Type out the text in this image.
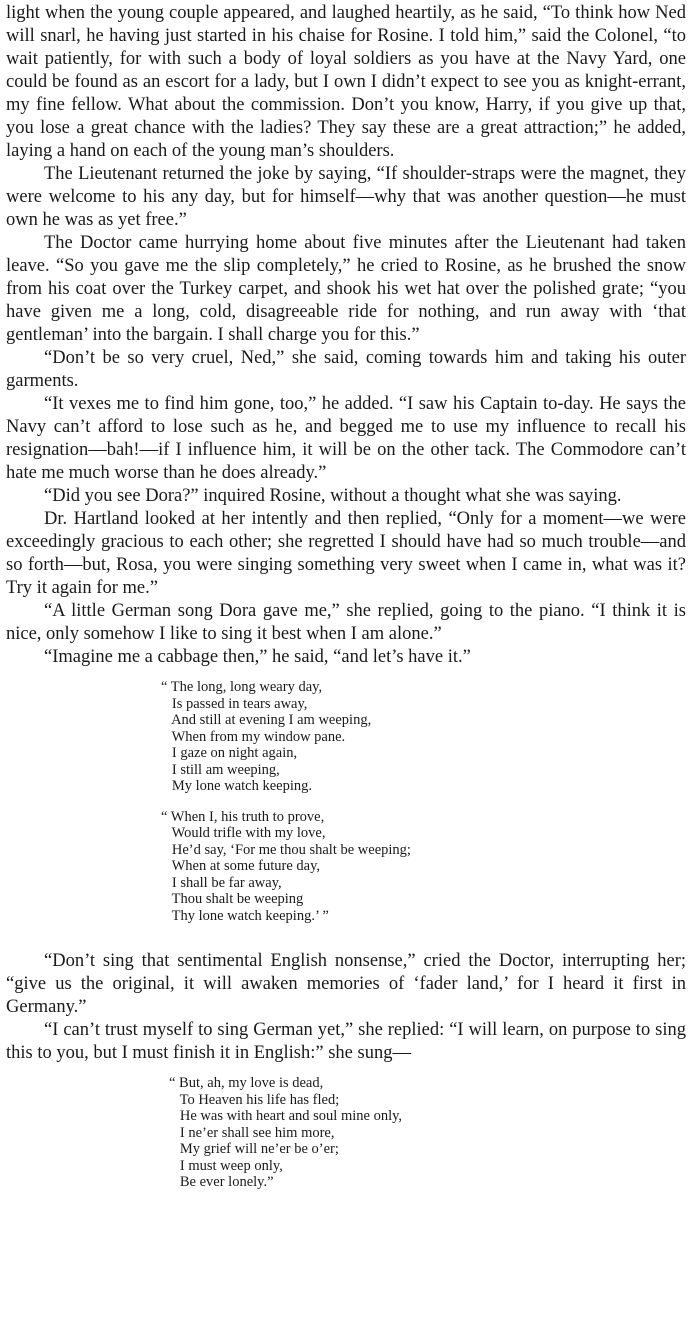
light when the young couple appeared, and laughed heartily, as he said, “To think how Ned will snarl, he having just started in his chaise for Rosine. I told him,” said the Colonel, “to wait patiently, for with such a body of loyal soldiers as you have at the Navy Yard, one could be found as an escort for a lady, but I own I didn’t expect to see you as knight-errant, my fine fellow. What about the commission. Don’t you know, Harry, if you give up that, you lose a great chance with the ladies? They say these are a great attraction;” he added, laying a hand on each of the young man’s shoulders.

The Lieutenant returned the joke by saying, “If shoulder-straps were the magnet, they were welcome to his any day, but for himself—why that was another question—he must own he was as yet free.”

The Doctor came hurrying home about five minutes after the Lieutenant had taken leave. “So you gave me the slip completely,” he cried to Rosine, as he brushed the snow from his coat over the Turkey carpet, and shook his wet hat over the polished grate; “you have given me a long, cold, disagreeable ride for nothing, and run away with ‘that gentleman’ into the bargain. I shall charge you for this.”

“Don’t be so very cruel, Ned,” she said, coming towards him and taking his outer garments.

“It vexes me to find him gone, too,” he added. “I saw his Captain to-day. He says the Navy can’t afford to lose such as he, and begged me to use my influence to recall his resignation—bah!—if I influence him, it will be on the other tack. The Commodore can’t hate me much worse than he does already.”

“Did you see Dora?” inquired Rosine, without a thought what she was saying.

Dr. Hartland looked at her intently and then replied, “Only for a moment—we were exceedingly gracious to each other; she regretted I should have had so much trouble—and so forth—but, Rosa, you were singing something very sweet when I came in, what was it? Try it again for me.”

“A little German song Dora gave me,” she replied, going to the piano. “I think it is nice, only somehow I like to sing it best when I am alone.”

“Imagine me a cabbage then,” he said, “and let’s have it.”

“ The long, long weary day,
Is passed in tears away,
And still at evening I am weeping,
When from my window pane.
I gaze on night again,
I still am weeping,
My lone watch keeping.
“ When I, his truth to prove,
Would trifle with my love,
He’d say, ‘For me thou shalt be weeping;
When at some future day,
I shall be far away,
Thou shalt be weeping
Thy lone watch keeping.’ ”

“Don’t sing that sentimental English nonsense,” cried the Doctor, interrupting her; “give us the original, it will awaken memories of ‘fader land,’ for I heard it first in Germany.”

“I can’t trust myself to sing German yet,” she replied: “I will learn, on purpose to sing this to you, but I must finish it in English:” she sung—

“ But, ah, my love is dead,
To Heaven his life has fled;
He was with heart and soul mine only,
I ne’er shall see him more,
My grief will ne’er be o’er;
I must weep only,
Be ever lonely.”
